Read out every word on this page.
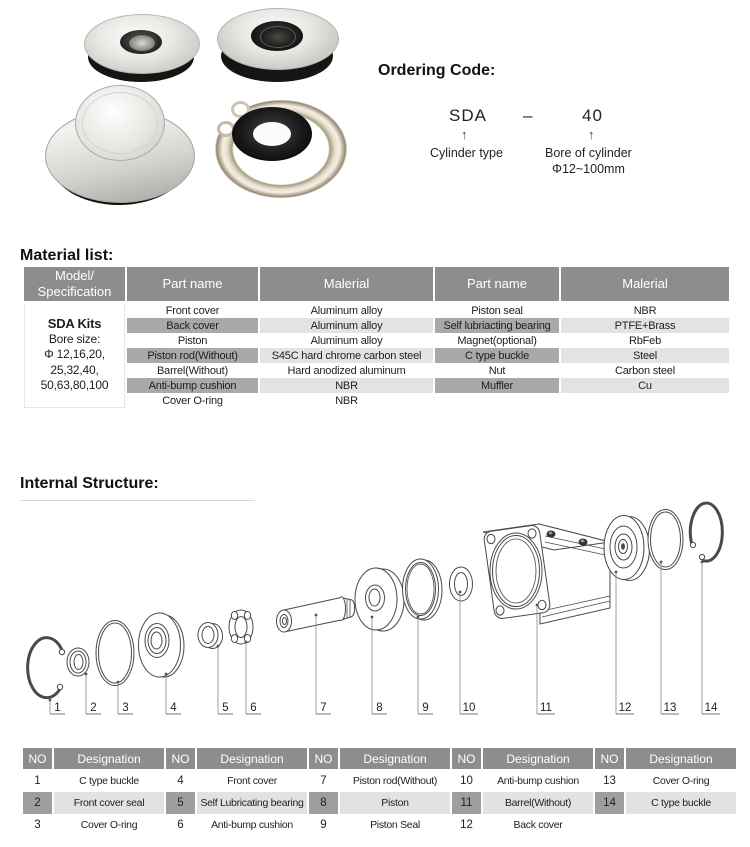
Ordering Code:
SDA –	40
↑	↑
Cylinder type	Bore of cylinder
Φ12~100mm
Material list:
Model/
Specification	Part name	Malerial	Part name	Malerial

SDA Kits
Bore size:
Φ 12,16,20,
25,32,40,
50,63,80,100	Front cover	Aluminum alloy	Piston seal	NBR
	Back cover	Aluminum alloy	Self lubriacting bearing	PTFE+Brass
	Piston	Aluminum alloy	Magnet(optional)	RbFeb
	Piston rod(Without)	S45C hard chrome carbon steel	C type buckle	Steel
	Barrel(Without)	Hard anodized aluminum	Nut	Carbon steel
	Anti-bump cushion	NBR	Muffler	Cu
	Cover O-ring	NBR		
Internal Structure:
1	2 3	4	5 6	7	8	9	10	11	12	13 14
NO	Designation	NO	Designation	NO	Designation	NO	Designation	NO	Designation
1	C type buckle	4	Front cover	7	Piston rod(Without)	10	Anti-bump cushion	13	Cover O-ring

2	Front cover seal	5	Self Lubricating bearing	8	Piston	11	Barrel(Without)	14	C type buckle

3	Cover O-ring	6	Anti-bump cushion	9	Piston Seal	12	Back cover		
